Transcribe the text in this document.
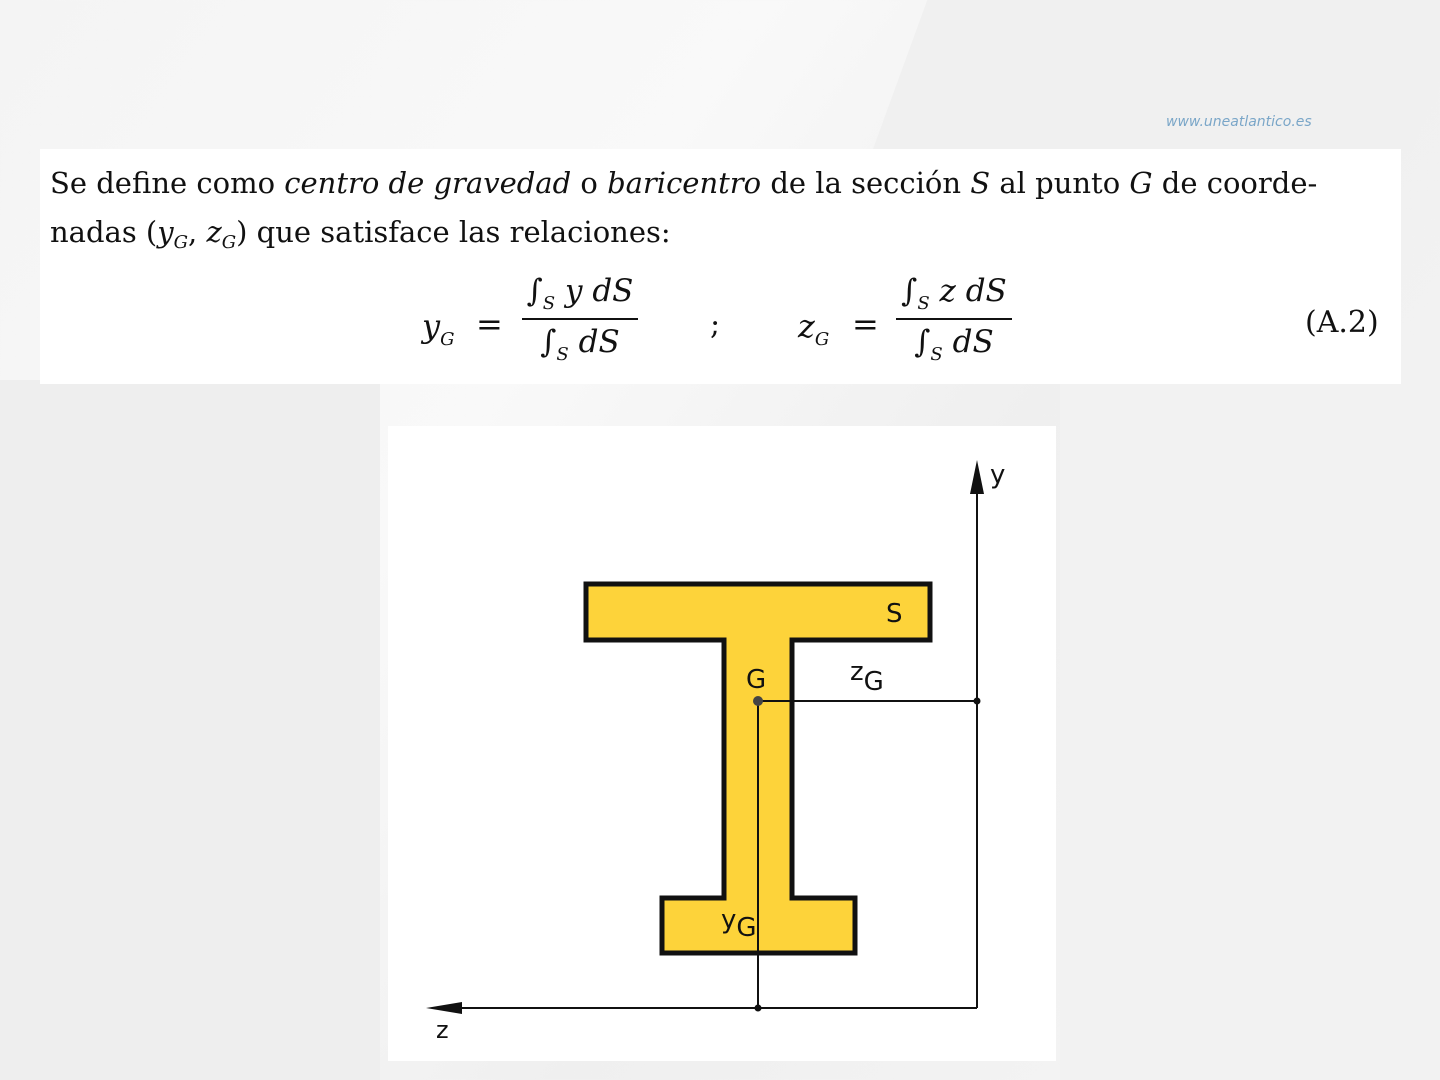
www.uneatlantico.es
Se define como centro de gravedad o baricentro de la sección S al punto G de coorde-
nadas ($y_G$, $z_G$) que satisface las relaciones:
$y_G$ =
$\int_S$ y dS
$\int_S$ dS	; $z_G$ =
$\int_S$ z dS
$\int_S$ dS
(A.2)
y
z
S
G	zG
yG
